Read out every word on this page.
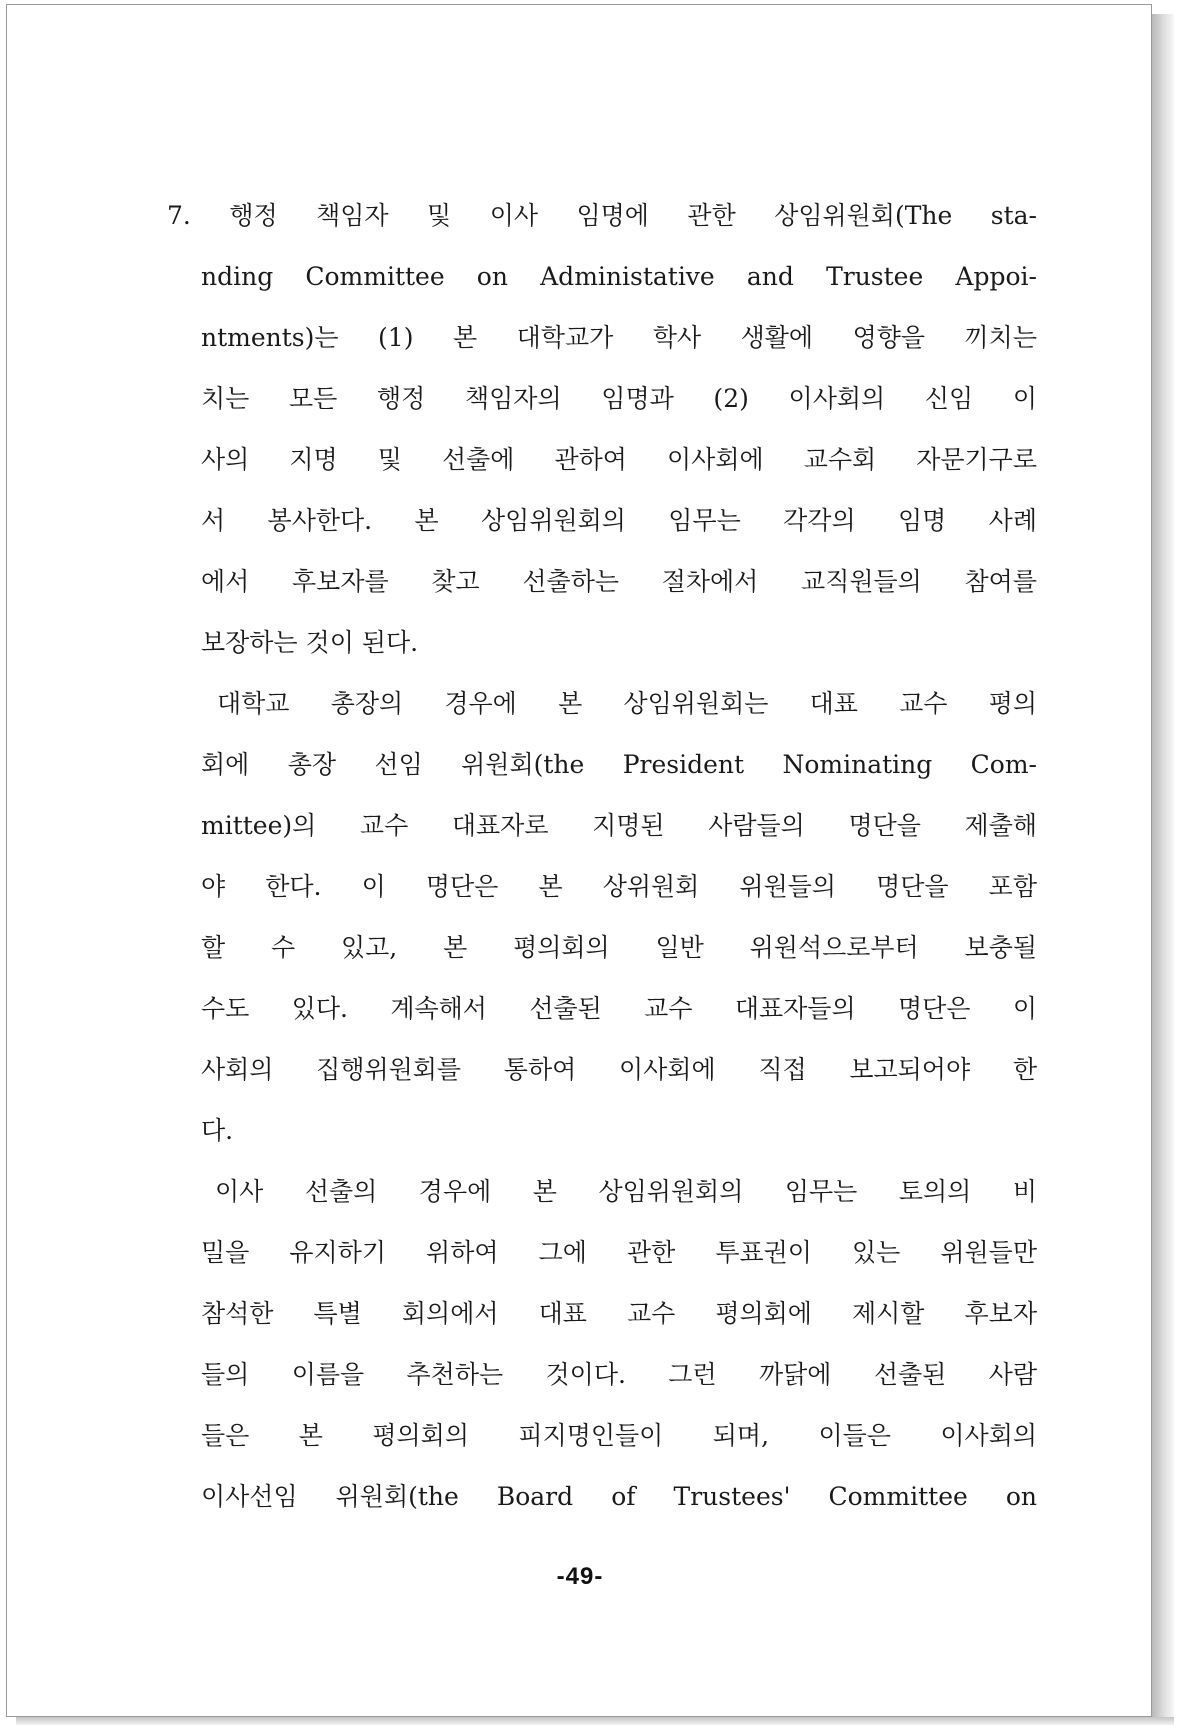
7. 행정 책임자 및 이사 임명에 관한 상임위원회(The sta-
nding Committee on Administative and Trustee Appoi-
ntments)는 (1) 본 대학교가 학사 생활에 영향을 끼치는
치는 모든 행정 책임자의 임명과 (2) 이사회의 신임 이
사의 지명 및 선출에 관하여 이사회에 교수회 자문기구로
서 봉사한다. 본 상임위원회의 임무는 각각의 임명 사례
에서 후보자를 찾고 선출하는 절차에서 교직원들의 참여를
보장하는 것이 된다.
대학교 총장의 경우에 본 상임위원회는 대표 교수 평의
회에 총장 선임 위원회(the President Nominating Com-
mittee)의 교수 대표자로 지명된 사람들의 명단을 제출해
야 한다. 이 명단은 본 상위원회 위원들의 명단을 포함
할 수 있고, 본 평의회의 일반 위원석으로부터 보충될
수도 있다. 계속해서 선출된 교수 대표자들의 명단은 이
사회의 집행위원회를 통하여 이사회에 직접 보고되어야 한
다.
이사 선출의 경우에 본 상임위원회의 임무는 토의의 비
밀을 유지하기 위하여 그에 관한 투표권이 있는 위원들만
참석한 특별 회의에서 대표 교수 평의회에 제시할 후보자
들의 이름을 추천하는 것이다. 그런 까닭에 선출된 사람
들은 본 평의회의 피지명인들이 되며, 이들은 이사회의
이사선임 위원회(the Board of Trustees' Committee on
-49-
